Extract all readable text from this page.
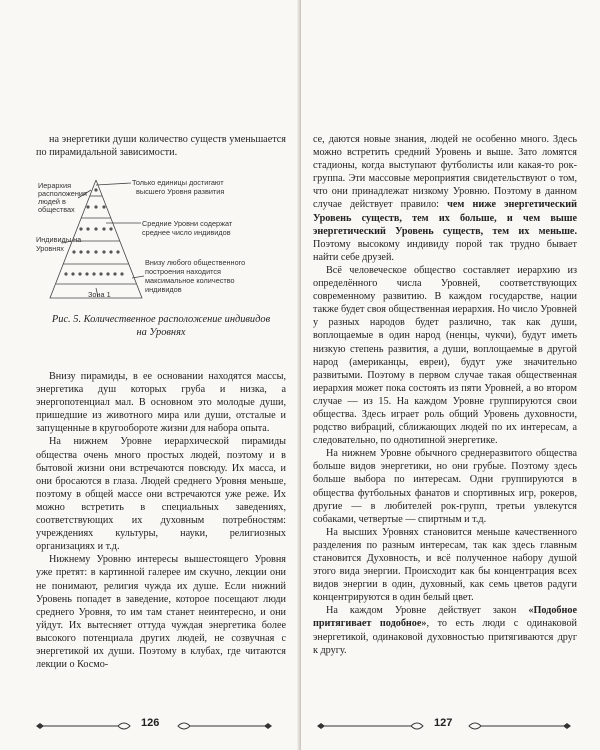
на энергетики души количество существ уменьшается по пирамидальной зависимости.

Иерархия
расположения
людей в
обществах
Только единицы достигают
высшего Уровня развития
Средние Уровни содержат
среднее число индивидов
Индивиды на
Уровнях
Внизу любого общественного
построения находится
максимальное количество
индивидов
Зона 1

Рис. 5. Количественное расположение индивидов

на Уровнях

Внизу пирамиды, в ее основании находятся массы, энергетика душ которых груба и низка, а энергопотенциал мал. В основном это молодые души, пришедшие из животного мира или души, отсталые и запущенные в кругообороте жизни для набора опыта.

На нижнем Уровне иерархической пирамиды общества очень много простых людей, поэтому и в бытовой жизни они встречаются повсюду. Их масса, и они бросаются в глаза. Людей среднего Уровня меньше, поэтому в общей массе они встречаются уже реже. Их можно встретить в специальных заведениях, соответствующих их духовным потребностям: учреждениях культуры, науки, религиозных организациях и т.д.

Нижнему Уровню интересы вышестоящего Уровня уже претят: в картинной галерее им скучно, лекции они не понимают, религия чужда их душе. Если нижний Уровень попадет в заведение, которое посещают люди среднего Уровня, то им там станет неинтересно, и они уйдут. Их вытесняет оттуда чуждая энергетика более высокого потенциала других людей, не созвучная с энергетикой их души. Поэтому в клубах, где читаются лекции о Космо-

126

се, даются новые знания, людей не особенно много. Здесь можно встретить средний Уровень и выше. Зато ломятся стадионы, когда выступают футболисты или какая-то рок-группа. Эти массовые мероприятия свидетельствуют о том, что они принадлежат низкому Уровню. Поэтому в данном случае действует правило: чем ниже энергетический Уровень существ, тем их больше, и чем выше энергетический Уровень существ, тем их меньше. Поэтому высокому индивиду порой так трудно бывает найти себе друзей.

Всё человеческое общество составляет иерархию из определённого числа Уровней, соответствующих современному развитию. В каждом государстве, нации также будет своя общественная иерархия. Но число Уровней у разных народов будет различно, так как души, воплощаемые в один народ (ненцы, чукчи), будут иметь низкую степень развития, а души, воплощаемые в другой народ (американцы, евреи), будут уже значительно развитыми. Поэтому в первом случае такая общественная иерархия может пока состоять из пяти Уровней, а во втором случае — из 15. На каждом Уровне группируются свои общества. Здесь играет роль общий Уровень духовности, родство вибраций, сближающих людей по их интересам, а следовательно, по однотипной энергетике.

На нижнем Уровне обычного среднеразвитого общества больше видов энергетики, но они грубые. Поэтому здесь больше выбора по интересам. Одни группируются в общества футбольных фанатов и спортивных игр, рокеров, другие — в любителей рок-групп, третьи увлекутся собаками, четвертые — спиртным и т.д.

На высших Уровнях становится меньше качественного разделения по разным интересам, так как здесь главным становится Духовность, и всё полученное набору душой этого вида энергии. Происходит как бы концентрация всех видов энергии в один, духовный, как семь цветов радуги концентрируются в один белый цвет.

На каждом Уровне действует закон «Подобное притягивает подобное», то есть люди с одинаковой энергетикой, одинаковой духовностью притягиваются друг к другу.

127
